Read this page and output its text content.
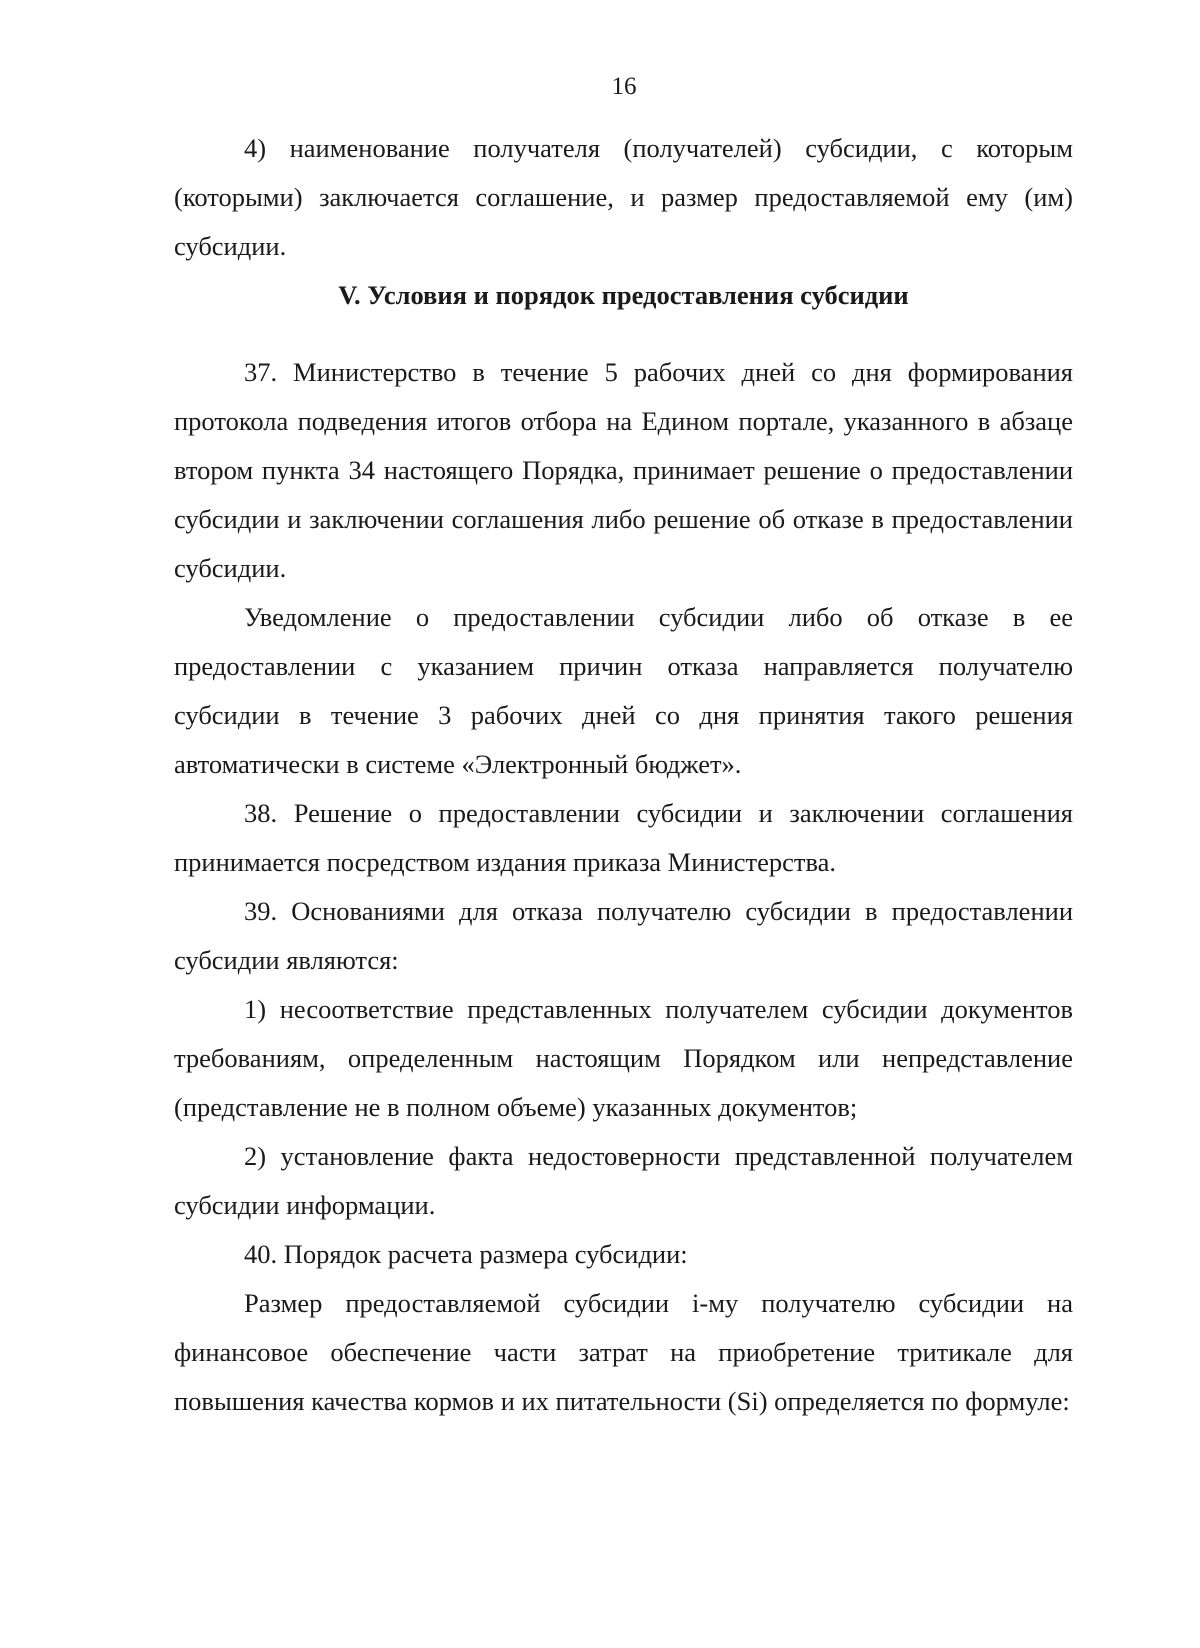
16

4) наименование получателя (получателей) субсидии, с которым (которыми) заключается соглашение, и размер предоставляемой ему (им) субсидии.

V. Условия и порядок предоставления субсидии

37. Министерство в течение 5 рабочих дней со дня формирования протокола подведения итогов отбора на Едином портале, указанного в абзаце втором пункта 34 настоящего Порядка, принимает решение о предоставлении субсидии и заключении соглашения либо решение об отказе в предоставлении субсидии.

Уведомление о предоставлении субсидии либо об отказе в ее предоставлении с указанием причин отказа направляется получателю субсидии в течение 3 рабочих дней со дня принятия такого решения автоматически в системе «Электронный бюджет».

38. Решение о предоставлении субсидии и заключении соглашения принимается посредством издания приказа Министерства.

39. Основаниями для отказа получателю субсидии в предоставлении субсидии являются:

1) несоответствие представленных получателем субсидии документов требованиям, определенным настоящим Порядком или непредставление (представление не в полном объеме) указанных документов;

2) установление факта недостоверности представленной получателем субсидии информации.

40. Порядок расчета размера субсидии:

Размер предоставляемой субсидии i-му получателю субсидии на финансовое обеспечение части затрат на приобретение тритикале для повышения качества кормов и их питательности (Si) определяется по формуле:
